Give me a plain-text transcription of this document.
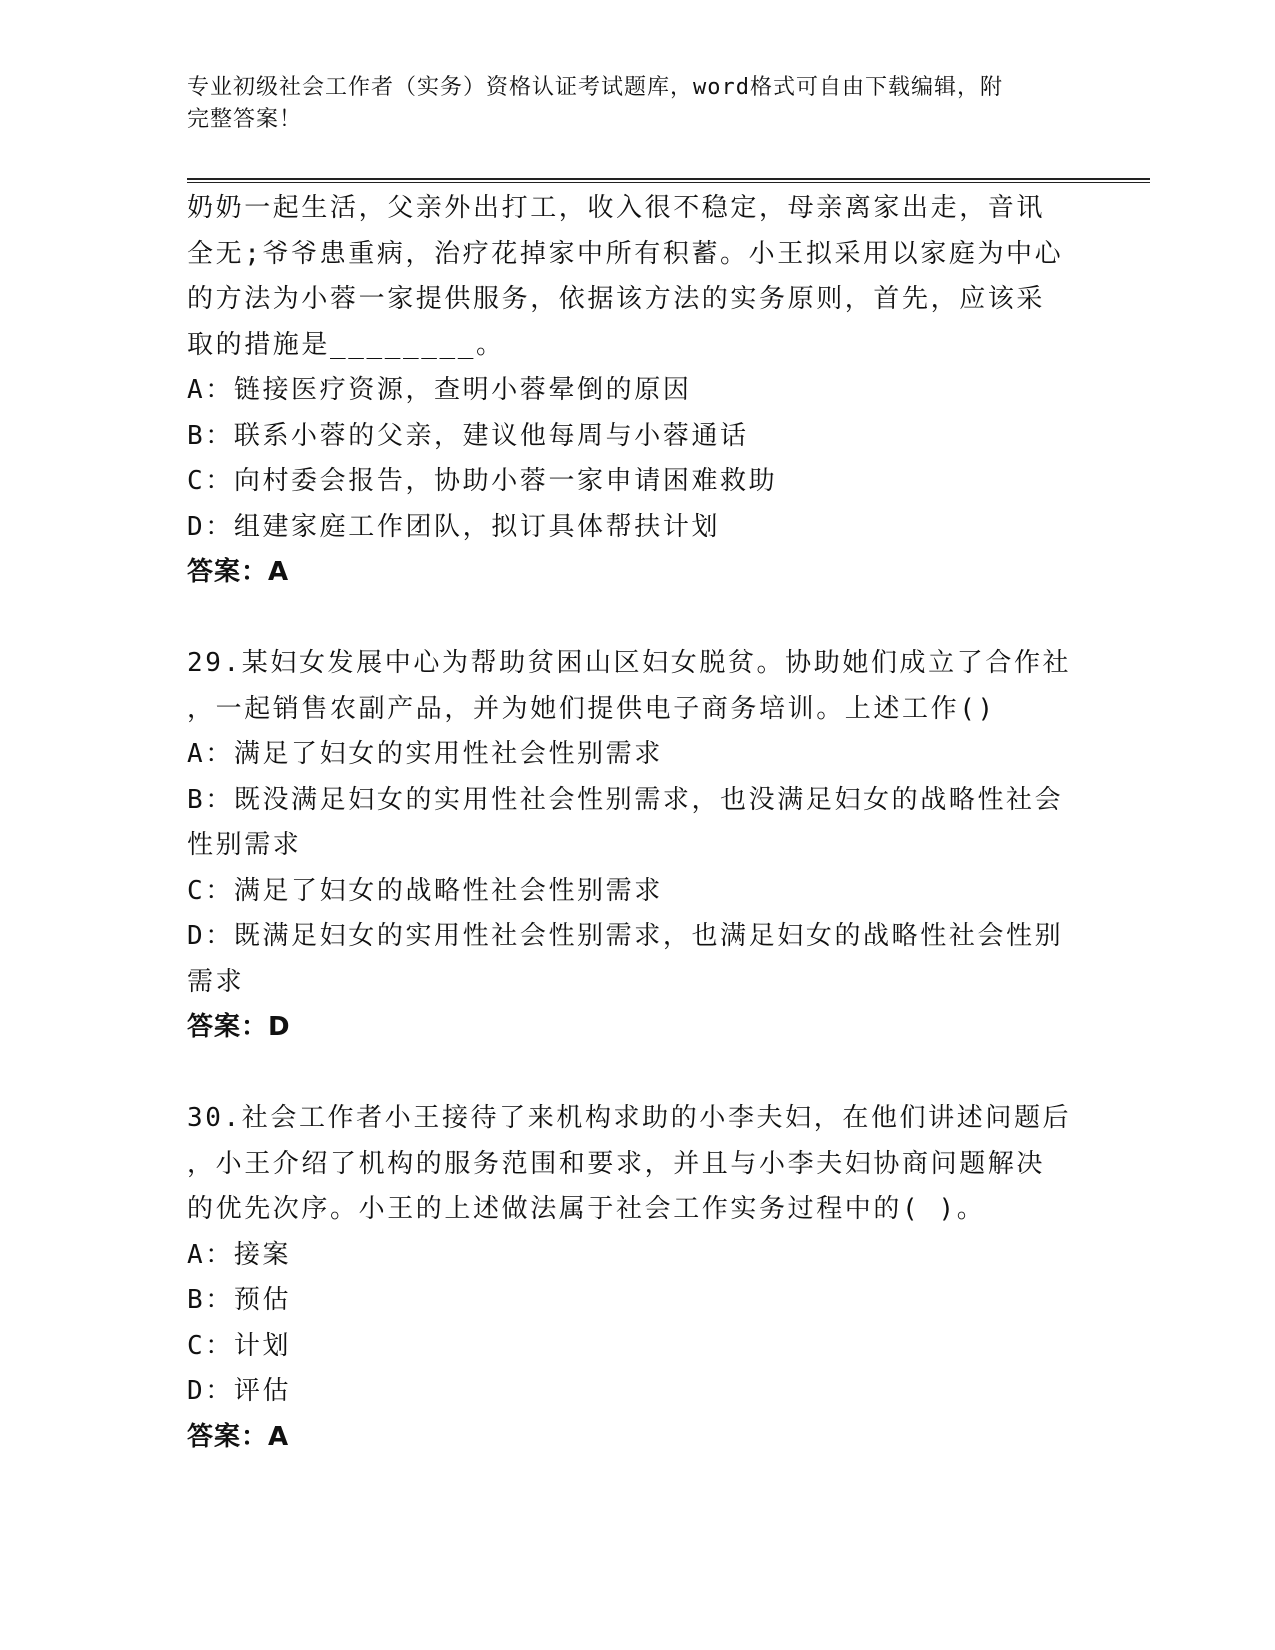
专业初级社会工作者（实务）资格认证考试题库，word格式可自由下载编辑，附
完整答案！
奶奶一起生活，父亲外出打工，收入很不稳定，母亲离家出走，音讯
全无;爷爷患重病，治疗花掉家中所有积蓄。小王拟采用以家庭为中心
的方法为小蓉一家提供服务，依据该方法的实务原则，首先，应该采
取的措施是________。
A：链接医疗资源，查明小蓉晕倒的原因
B：联系小蓉的父亲，建议他每周与小蓉通话
C：向村委会报告，协助小蓉一家申请困难救助
D：组建家庭工作团队，拟订具体帮扶计划
答案：A
29.某妇女发展中心为帮助贫困山区妇女脱贫。协助她们成立了合作社
，一起销售农副产品，并为她们提供电子商务培训。上述工作()
A：满足了妇女的实用性社会性别需求
B：既没满足妇女的实用性社会性别需求，也没满足妇女的战略性社会
性别需求
C：满足了妇女的战略性社会性别需求
D：既满足妇女的实用性社会性别需求，也满足妇女的战略性社会性别
需求
答案：D
30.社会工作者小王接待了来机构求助的小李夫妇，在他们讲述问题后
，小王介绍了机构的服务范围和要求，并且与小李夫妇协商问题解决
的优先次序。小王的上述做法属于社会工作实务过程中的( )。
A：接案
B：预估
C：计划
D：评估
答案：A
